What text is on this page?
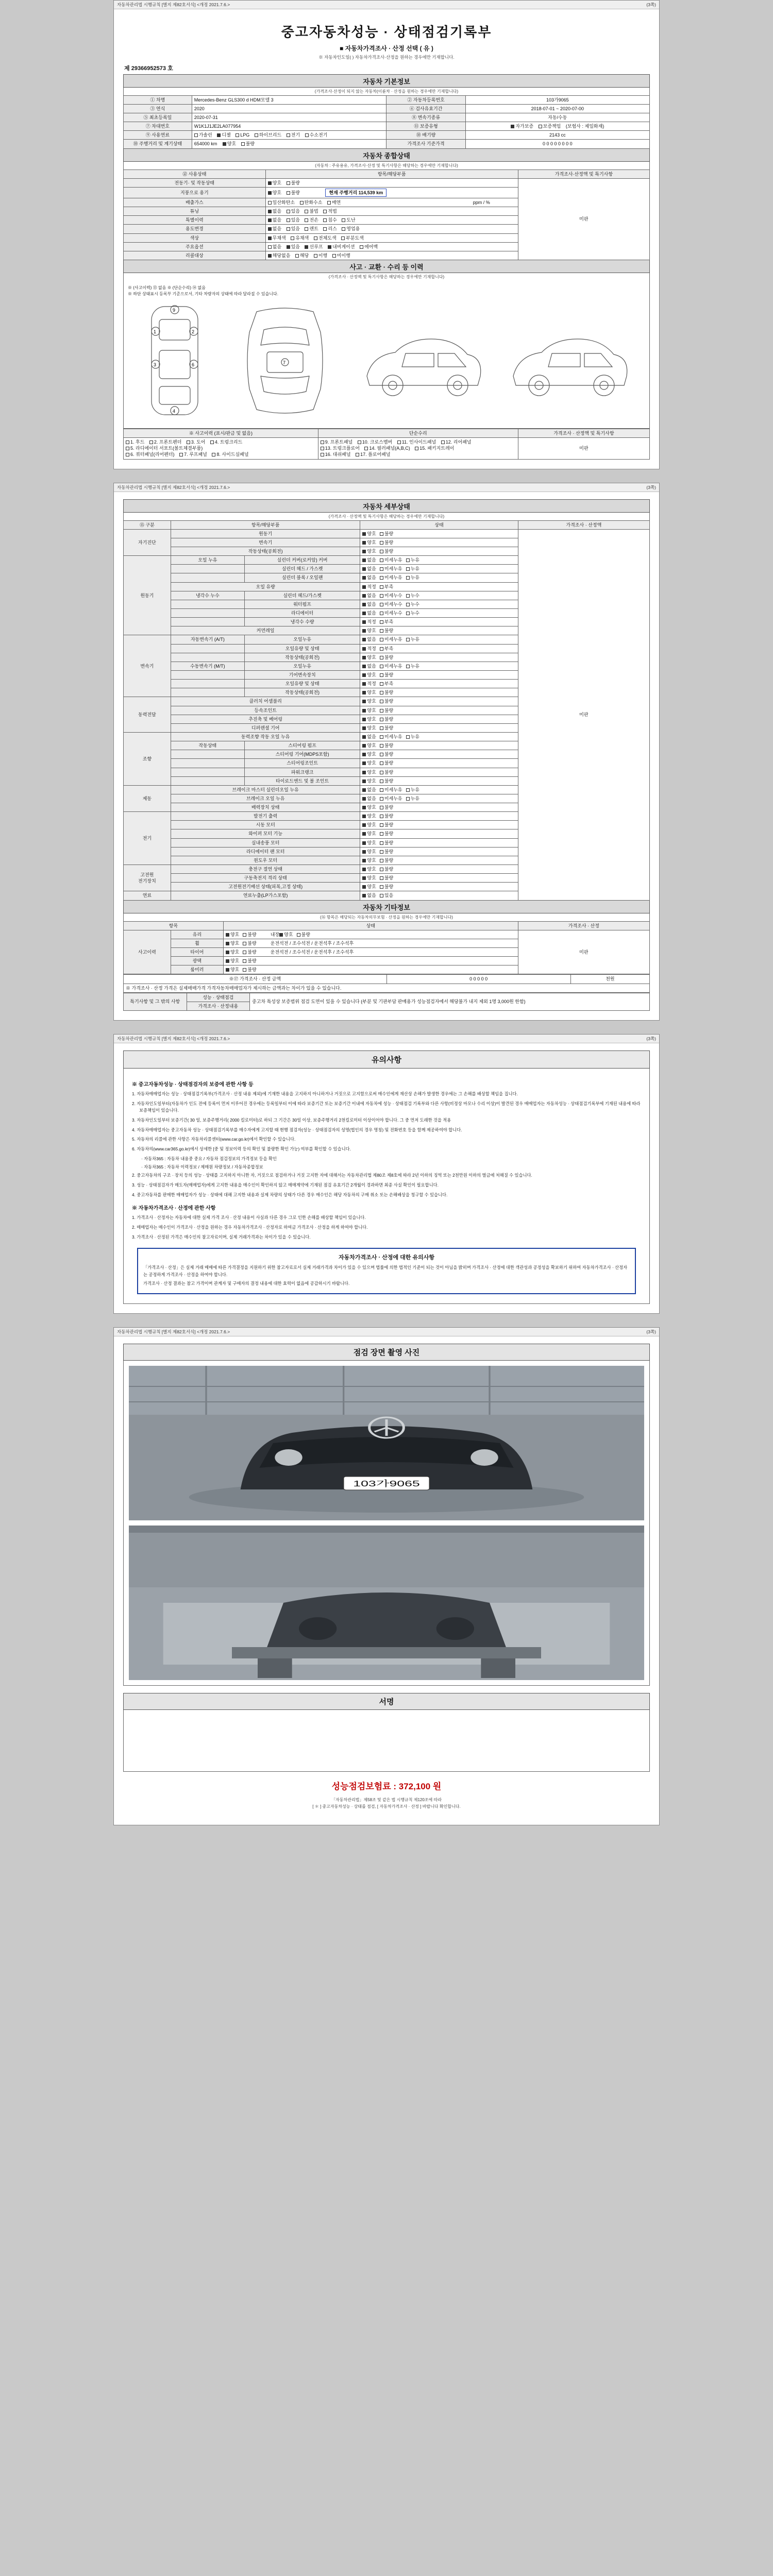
자동차관리법 시행규칙 [별지 제82호서식] <개정 2021.7.6.>	(3쪽)
중고자동차성능 · 상태점검기록부
■ 자동차가격조사 · 산정 선택 ( 유 )
※ 자동차인도일( ) 자동차가격조사·산정을 원하는 경우에만 기재합니다.
제 29366952573 호
자동차 기본정보
(가격조사·산정이 되지 않는 자동차(이륜차 · 산정을 원하는 경우에만 기재합니다)
① 차명	Mercedes-Benz GLS300 d HDM모델 3	② 자동차등록번호	103가9065
③ 연식	2020	④ 검사유효기간	2018-07-01 ~ 2020-07-00
⑤ 최초등록일	2020-07-31	⑧ 변속기종류	자동/수동
⑦ 차대번호	W1K1J1JE2LA077954	⑪ 보증유형	자가보증 보증책임 (보험사 : 제일화재)
⑨ 사용연료	가솔린 디젤 LPG 하이브리드 전기 수소전기	⑩ 배기량	2143 cc
⑩ 주행거리 및 계기상태	654000 km 양호 불량	가격조사 기준가격	0 0 0 0 0 0 0 0
자동차 종합상태
(자동차 : 주유용유, 가격조사·산정 및 특기사항은 해당하는 경우에만 기재합니다)
⑫ 사용상태	항목/해당부품	가격조사·산정액 및 특기사항
전동기· 및 작동상태	양호 불량	미판
지붕으로 용기	양호 불량 현재 주행거리 114,539 km	
배출가스	일산화탄소 탄화수소 매연 ppm / %	

튜닝	없음 있음 불법 적법	
특별이력	없음 있음 전손 침수 도난	
용도변경	없음 있음 렌트 리스 영업용	
색상	무채색 유채색 전체도색 부분도색	
주요옵션	없음 있음 선루프 내비게이션 에어백	
리콜대상	해당없음 해당 이행 미이행	
사고 · 교환 · 수리 등 이력
(가격조사 · 산정액 및 특기사항은 해당하는 경우에만 기재합니다)
※ (사고이력) ⑬ 없음 ※ (단순수리) ⑭ 없음
※ 하단 상태표시 등록부 기준으로서, 기타 차량자의 상태에 따라 달라질 수 있습니다.
1	2
3	6
9
4
7
※ 사고이력 (표시/판금 및 없음)	단순수리	가격조사 · 산정액 및 특기사항

1. 후드 2. 프론트펜더 3. 도어 4. 트렁크리드
5. 라디에이터 서포트(볼트체결부품)
6. 쿼터패널(리어펜더) 7. 루프패널 8. 사이드실패널

9. 프론트패널 10. 크로스멤버 11. 인사이드패널 12. 리어패널
13. 트렁크플로어 14. 필러패널(A,B,C) 15. 패키지트레이
16. 대쉬패널 17. 플로어패널
	미판
자동차관리법 시행규칙 [별지 제82호서식] <개정 2021.7.6.>	(3쪽)
자동차 세부상태
(가격조사 · 산정액 및 특기사항은 해당하는 경우에만 기재합니다)
⑮ 구분	항목/해당부품		상태	가격조사 · 산정액
자기진단	원동기		양호 불량	미판
	변속기		양호 불량	
	작동상태(공회전)		양호 불량	
원동기	오일 누유	실린더 커버(로커암) 커버	없음 미세누유 누유	
		실린더 헤드 / 가스켓	없음 미세누유 누유	
		실린더 블록 / 오일팬	없음 미세누유 누유	
	오일 유량		적정 부족	
	냉각수 누수	실린더 헤드/가스켓	없음 미세누수 누수	
		워터펌프	없음 미세누수 누수	
		라디에이터	없음 미세누수 누수	
		냉각수 수량	적정 부족	
	커먼레일		양호 불량	
변속기	자동변속기 (A/T)	오일누유	없음 미세누유 누유	
		오일유량 및 상태	적정 부족	
		작동상태(공회전)	양호 불량	
	수동변속기 (M/T)	오일누유	없음 미세누유 누유	
		기어변속장치	양호 불량	
		오일유량 및 상태	적정 부족	
		작동상태(공회전)	양호 불량	
동력전달	클러치 어셈블리		양호 불량	
	등속조인트		양호 불량	
	추진축 및 베어링		양호 불량	
	디퍼렌셜 기어		양호 불량	
조향	동력조향 작동 오일 누유		없음 미세누유 누유	
	작동상태	스티어링 펌프	양호 불량	
		스티어링 기어(MDPS포함)	양호 불량	
		스티어링조인트	양호 불량	
		파워크랭크	양호 불량	
		타이로드엔드 및 볼 조인트	양호 불량	
제동	브레이크 마스터 실린더오일 누유		없음 미세누유 누유	
	브레이크 오일 누유		없음 미세누유 누유	
	배력장치 상태		양호 불량	
전기	발전기 출력		양호 불량	
	시동 모터		양호 불량	
	와이퍼 모터 기능		양호 불량	
	실내송풍 모터		양호 불량	
	라디에이터 팬 모터		양호 불량	
	윈도우 모터		양호 불량	
고전원
전기장치	충전구 절연 상태		양호 불량	
	구동축전지 격리 상태		양호 불량	
	고전원전기배선 상태(피복,고정 상태)		양호 불량	
연료	연료누출(LP가스포함)		없음 있음	
자동차 기타정보
(⑯ 항목은 해당되는 자동차의무보험 · 산정을 원하는 경우에만 기재합니다)
항목		상태	가격조사 · 산정
사고이력	유리	양호 불량 내장 양호 불량	미판
	휠	양호 불량 운전석전 / 조수석전 / 운전석후 / 조수석후	
	타이어	양호 불량 운전석전 / 조수석전 / 운전석후 / 조수석후	
	광택	양호 불량	
	룸미러	양호 불량	
※⑰ 가격조사 · 산정 금액	0 0 0 0 0	천원
※ 가격조사 · 산정 가격은 실제매매가격 가격자동차매매업자가 제시하는 금액과는 차이가 있을 수 있습니다.
특기사항 및 그 밖의 사항	성능 · 상태점검	중고차 특성상 보증범위 점검 도면이 있을 수 있습니다 (부분 및 기판부담 판매용가 성능점검자에서 해당불가 내지 제외 1명 3,000원 한함)
가격조사 · 산정내용
자동차관리법 시행규칙 [별지 제82호서식] <개정 2021.7.6.>	(3쪽)
유의사항
※ 중고자동차성능 · 상태점검자의 보증에 관한 사항 등
1. 자동차매매업자는 성능 · 상태점검기록부(가격조사 · 산정 내용 제외)에 기재한 내용을 고지하지 아니하거나 거짓으로 고지함으로써 매수인에게 재산상 손해가 발생한 경우에는 그 손해를 배상할 책임을 집니다.
2. 자동차인도일부터(자동차가 인도 전에 등록이 먼저 이루어진 경우에는 등록일부터 이에 따라 보증기간 또는 보증기간 이내에 자동차에 성능 · 상태점검 기록부와 다른 사항(비정상 마모나 수리 이상)이 발견된 경우 매매업자는 자동차성능 · 상태점검기록부에 기재된 내용에 따라 보증책임이 있습니다.
3. 자동차인도일부터 보증기간( 30 일, 보증주행거리( 2000 킬로미터)로 하되 그 기간은 30일 이상, 보증주행거리 2천킬로미터 이상이어야 합니다. 그 중 먼저 도래한 것을 적용
4. 자동차매매업자는 중고자동차 성능 · 상태점검기록부를 매수자에게 고지할 때 현행 점검자(성능 · 상태점검자의 성명(법인의 경우 명칭) 및 전화번호 등을 함께 제공하여야 합니다.
5. 자동차의 리콜에 관한 사항은 자동차리콜센터(www.car.go.kr)에서 확인할 수 있습니다.
6. 자동차의(www.car365.go.kr)에서 상세한 [중 및 정보이력 등의 확인 및 불량한 확인 가능) 여부를 확인할 수 있습니다.
· 자동차365 : 자동차 내용중 중요 / 자동차 점검정보의 가격정보 등을 확인
· 자동차365 : 자동차 이력정보 / 제매원 차량정보 / 자동차종합정보
2. 중고자동차의 구조 · 장치 등의 성능 · 상태를 고지하지 아니한 자, 거짓으로 점검하거나 거짓 고지한 자에 대해서는 자동차관리법 제80조 제8호에 따라 2년 이하의 징역 또는 2천만원 이하의 벌금에 처해질 수 있습니다.
3. 성능 · 상태점검자가 매도자(매매업자)에게 고지한 내용을 매수인이 확인하지 않고 매매계약에 기재된 점검 유효기간 2개월이 경과하면 최종 사실 확인이 필요합니다.
4. 중고자동차를 판매한 매매업자가 성능 · 상태에 대해 고지한 내용과 실제 차량의 상태가 다른 경우 매수인은 해당 자동차의 구매 취소 또는 손해배상을 청구할 수 있습니다.
※ 자동차가격조사 · 산정에 관한 사항
1. 가격조사 · 산정자는 자동차에 대한 실제 가격 조사 · 산정 내용이 사실과 다른 경우 그로 인한 손해를 배상할 책임이 있습니다.
2. 매매업자는 매수인이 가격조사 · 산정을 원하는 경우 자동차가격조사 · 산정자로 하여금 가격조사 · 산정을 하게 하여야 합니다.
3. 가격조사 · 산정된 가격은 매수인의 참고자료이며, 실제 거래가격과는 차이가 있을 수 있습니다.
자동차가격조사 · 산정에 대한 유의사항

「가격조사 · 산정」은 실제 거래 매매에 따른 가격결정을 지원하기 위한 참고자료로서 실제 거래가격과 차이가 있을 수 있으며 법률에 의한 법적인 기준이 되는 것이 아님을 밝히며 가격조사 · 산정에 대한 객관성과 공정성을 확보하기 위하여 자동차가격조사 · 산정자는 공정하게 가격조사 · 산정을 하여야 합니다.

가격조사 · 산정 결과는 참고 가격이며 관계자 및 구매자의 결정 내용에 대한 효력이 없음에 공감하시기 바랍니다.

자동차관리법 시행규칙 [별지 제82호서식] <개정 2021.7.6.>	(3쪽)
점검 장면 촬영 사진
103가9065
서명
성능점검보험료 : 372,100 원
「자동차관리법」제58조 및 같은 법 시행규칙 제120조에 따라
[ ＊ ] 중고자동차성능 · 상태를 점검, [ 자동차가격조사 · 산정 ] 바랍니다 확인합니다.
